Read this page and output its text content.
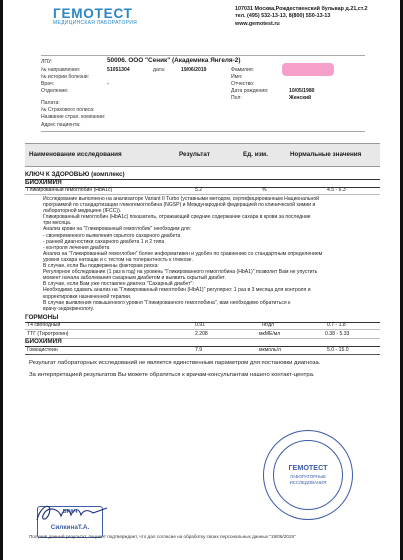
ГЕМОТЕСТ
МЕДИЦИНСКАЯ ЛАБОРАТОРИЯ
107031 Москва,Рождественский бульвар д.21,ст.2
тел. (495) 532-13-13, 8(800) 550-13-13
www.gemotest.ru
ЛПУ:	50006. ООО "Сеник" (Академика Янгеля-2)
№ направления:	51051304	дата:	19/06/2019	Фамилия:
№ истории болезни:	Имя:
Врач:	-	Отчество:
Отделение:	Дата рождения:	10/05/1980
Пол:	Женский
Палата:
№ Страхового полиса:
Название страх. компании:
Адрес пациента:
Наименование исследования	Результат	Ед. изм.	Нормальные значения
КЛЮЧ К ЗДОРОВЬЮ (комплекс)
БИОХИМИЯ
Гликированный гемоглобин (HbA1c)	5.2	%	4.5 - 6.3
Исследование выполнено на анализаторе Variant II Turbo (уставными методом, сертифицированным Национальной
программой по стандартизации гликогемоглобина (NGSP) и Международной федерацией по клинической химии и
лабораторной медицине (IFCC)).
Гликированный гемоглобин (HbA1c) показатель, отражающий средние содержание сахара в крови за последние
три месяца.
Анализ крови на "Гликированный гемоглобин" необходим для:
- своевременного выявления скрытого сахарного диабета
- ранней диагностики сахарного диабета 1 и 2 типа
- контроля лечения диабета
Анализ на "Гликированный гемоглобин" более информативен и удобен по сравнению со стандартным определением
уровня сахара натощак и с тестом на толерантность к глюкозе.
В случае, если Вы подвержены факторам риска:
Регулярное обследование (1 раз в год) на уровень "Гликированного гемоглобина (HbA1)" позволит Вам не упустить
момент начала заболевания сахарным диабетом и выявить скрытый диабет.
В случае, если Вам уже поставлен диагноз "Сахарный диабет":
Необходимо сдавать анализ на "Гликированный гемоглобин (HbA1)" регулярно: 1 раз в 3 месяца для контроля и
корректировки назначенной терапии.
В случае выявления повышенного уровня "Гликированного гемоглобина", вам необходимо обратиться к
врачу-эндокринологу.
ГОРМОНЫ
Т4 свободный	0.91	нг/дл	0.7 - 1.8
ТТГ (Тиротропин)	2.208	мкМЕ/мл	0.38 - 5.33
БИОХИМИЯ
Гомоцистеин	7.9	мкмоль/л	5.0 - 15.0
Результат лабораторных исследований не является единственным параметром для постановки диагноза.
За интерпретацией результатов Вы можете обратиться к врачам-консультантам нашего контакт-центра.
ГЕМОТЕСТ
ЛАБОРАТОРНЫЕ ИССЛЕДОВАНИЯ
ВРАЧ
СилкинаТ.А.
Получив данный результат, пациент подтверждает, что дал согласие на обработку своих персональных данных "19/06/2019"
